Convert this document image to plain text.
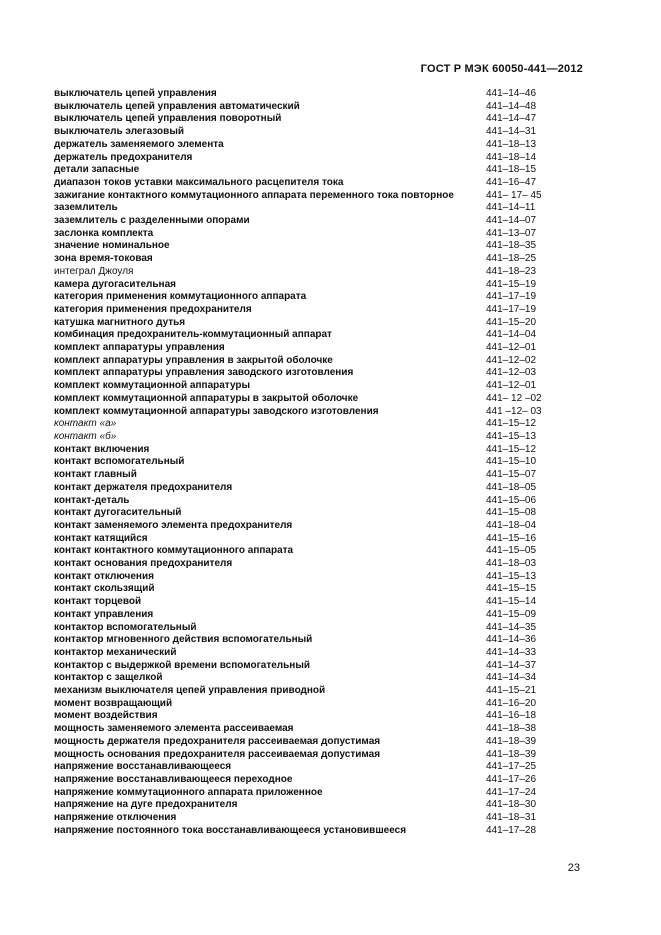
ГОСТ Р МЭК 60050-441—2012
выключатель цепей управления	441–14–46
выключатель цепей управления автоматический	441–14–48
выключатель цепей управления поворотный	441–14–47
выключатель элегазовый	441–14–31
держатель заменяемого элемента	441–18–13
держатель предохранителя	441–18–14
детали запасные	441–18–15
диапазон токов уставки максимального расцепителя тока	441–16–47
зажигание контактного коммутационного аппарата переменного тока повторное	441– 17– 45
заземлитель	441–14–11
заземлитель с разделенными опорами	441–14–07
заслонка комплекта	441–13–07
значение номинальное	441–18–35
зона время-токовая	441–18–25
интеграл Джоуля	441–18–23
камера дугогасительная	441–15–19
категория применения коммутационного аппарата	441–17–19
категория применения предохранителя	441–17–19
катушка магнитного дутья	441–15–20
комбинация предохранитель-коммутационный аппарат	441–14–04
комплект аппаратуры управления	441–12–01
комплект аппаратуры управления в закрытой оболочке	441–12–02
комплект аппаратуры управления заводского изготовления	441–12–03
комплект коммутационной аппаратуры	441–12–01
комплект коммутационной аппаратуры в закрытой оболочке	441– 12 –02
комплект коммутационной аппаратуры заводского изготовления	441 –12– 03
контакт «а»	441–15–12
контакт «б»	441–15–13
контакт включения	441–15–12
контакт вспомогательный	441–15–10
контакт главный	441–15–07
контакт держателя предохранителя	441–18–05
контакт-деталь	441–15–06
контакт дугогасительный	441–15–08
контакт заменяемого элемента предохранителя	441–18–04
контакт катящийся	441–15–16
контакт контактного коммутационного аппарата	441–15–05
контакт основания предохранителя	441–18–03
контакт отключения	441–15–13
контакт скользящий	441–15–15
контакт торцевой	441–15–14
контакт управления	441–15–09
контактор вспомогательный	441–14–35
контактор мгновенного действия вспомогательный	441–14–36
контактор механический	441–14–33
контактор с выдержкой времени вспомогательный	441–14–37
контактор с защелкой	441–14–34
механизм выключателя цепей управления приводной	441–15–21
момент возвращающий	441–16–20
момент воздействия	441–16–18
мощность заменяемого элемента рассеиваемая	441–18–38
мощность держателя предохранителя рассеиваемая допустимая	441–18–39
мощность основания предохранителя рассеиваемая допустимая	441–18–39
напряжение восстанавливающееся	441–17–25
напряжение восстанавливающееся переходное	441–17–26
напряжение коммутационного аппарата приложенное	441–17–24
напряжение на дуге предохранителя	441–18–30
напряжение отключения	441–18–31
напряжение постоянного тока восстанавливающееся установившееся	441–17–28
23
